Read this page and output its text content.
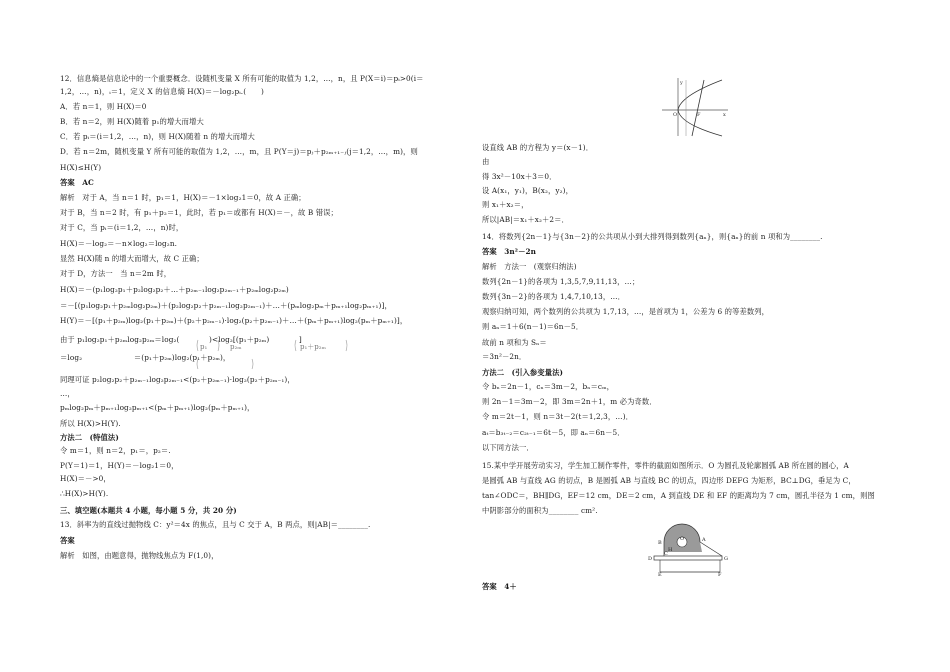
12．信息熵是信息论中的一个重要概念．设随机变量 X 所有可能的取值为 1,2，…，n，且 P(X＝i)＝pᵢ>0(i＝
1,2，…，n)，ᵢ＝1，定义 X 的信息熵 H(X)＝－log₂pᵢ.(　　)
A．若 n＝1，则 H(X)＝0
B．若 n＝2，则 H(X)随着 p₁的增大而增大
C．若 pᵢ＝(i＝1,2，…，n)，则 H(X)随着 n 的增大而增大
D．若 n＝2m，随机变量 Y 所有可能的取值为 1,2，…，m，且 P(Y＝j)＝pⱼ＋p₂ₘ₊₁₋ⱼ(j＝1,2，…，m)，则
H(X)≤H(Y)
答案　AC
解析　对于 A，当 n＝1 时，p₁＝1，H(X)＝－1×log₂1＝0，故 A 正确；
对于 B，当 n＝2 时，有 p₁＋p₂＝1，此时，若 p₁＝或都有 H(X)＝－，故 B 错误；
对于 C，当 pᵢ＝(i＝1,2，…，n)时，
H(X)＝－log₂＝－n×log₂＝log₂n.
显然 H(X)随 n 的增大而增大，故 C 正确；
对于 D，方法一　当 n＝2m 时，
H(X)＝－(p₁log₂p₁＋p₂log₂p₂＋…＋p₂ₘ₋₁log₂p₂ₘ₋₁＋p₂ₘlog₂p₂ₘ)
＝－[(p₁log₂p₁＋p₂ₘlog₂p₂ₘ)＋(p₂log₂p₂＋p₂ₘ₋₁log₂p₂ₘ₋₁)＋…＋(pₘlog₂pₘ＋pₘ₊₁log₂pₘ₊₁)]，
H(Y)＝－[(p₁＋p₂ₘ)log₂(p₁＋p₂ₘ)＋(p₂＋p₂ₘ₋₁)·log₂(p₂＋p₂ₘ₋₁)＋…＋(pₘ＋pₘ₊₁)log₂(pₘ＋pₘ₊₁)]，
由于 p₁log₂p₁＋p₂ₘlog₂p₂ₘ＝log₂(　　　　)<log₂[(p₁＋p₂ₘ)　　　　]
＝log₂　　　　　　　＝(p₁＋p₂ₘ)log₂(p₁＋p₂ₘ)，
同理可证 p₂log₂p₂＋p₂ₘ₋₁log₂p₂ₘ₋₁<(p₂＋p₂ₘ₋₁)·log₂(p₂＋p₂ₘ₋₁)，
…，
pₘlog₂pₘ＋pₘ₊₁log₂pₘ₊₁<(pₘ＋pₘ₊₁)log₂(pₘ＋pₘ₊₁)，
所以 H(X)>H(Y).
方法二　(特值法)
令 m＝1，则 n＝2，p₁＝，p₂＝.
P(Y＝1)＝1，H(Y)＝－log₂1＝0，
H(X)＝－>0，
∴H(X)>H(Y).
三、填空题(本题共 4 小题，每小题 5 分，共 20 分)
13．斜率为的直线过抛物线 C：y²＝4x 的焦点，且与 C 交于 A，B 两点，则|AB|＝________.
答案
解析　如图，由题意得，抛物线焦点为 F(1,0)，
p₁	p₂ₘ	p₁＋p₂ₘ
设直线 AB 的方程为 y＝(x－1)．
由
得 3x²－10x＋3＝0．
设 A(x₁，y₁)，B(x₂，y₂)，
则 x₁＋x₂＝，
所以|AB|＝x₁＋x₂＋2＝．
14．将数列{2n－1}与{3n－2}的公共项从小到大排列得到数列{aₙ}，则{aₙ}的前 n 项和为________.
答案　3n²－2n
解析　方法一　(观察归纳法)
数列{2n－1}的各项为 1,3,5,7,9,11,13，…；
数列{3n－2}的各项为 1,4,7,10,13，…．
观察归纳可知，两个数列的公共项为 1,7,13，…，是首项为 1，公差为 6 的等差数列，
则 aₙ＝1＋6(n－1)＝6n－5．
故前 n 项和为 Sₙ＝
＝3n²－2n．
方法二　(引入参变量法)
令 bₙ＝2n－1，cₙ＝3m－2，bₙ＝cₘ，
则 2n－1＝3m－2，即 3m＝2n＋1，m 必为奇数．
令 m＝2t－1，则 n＝3t－2(t＝1,2,3，…)．
aₜ＝b₃ₜ₋₂＝c₂ₜ₋₁＝6t－5，即 aₙ＝6n－5．
以下同方法一．
15.某中学开展劳动实习，学生加工制作零件，零件的截面如图所示．O 为圆孔及轮廓圆弧 AB 所在圆的圆心，A
是圆弧 AB 与直线 AG 的切点，B 是圆弧 AB 与直线 BC 的切点，四边形 DEFG 为矩形，BC⊥DG，垂足为 C，
tan∠ODC＝，BH∥DG，EF＝12 cm，DE＝2 cm，A 到直线 DE 和 EF 的距离均为 7 cm，圆孔半径为 1 cm，则图
中阴影部分的面积为________ cm².
y
x
O	F
O
B
H
D
C
A
G
E	F
答案　4＋
